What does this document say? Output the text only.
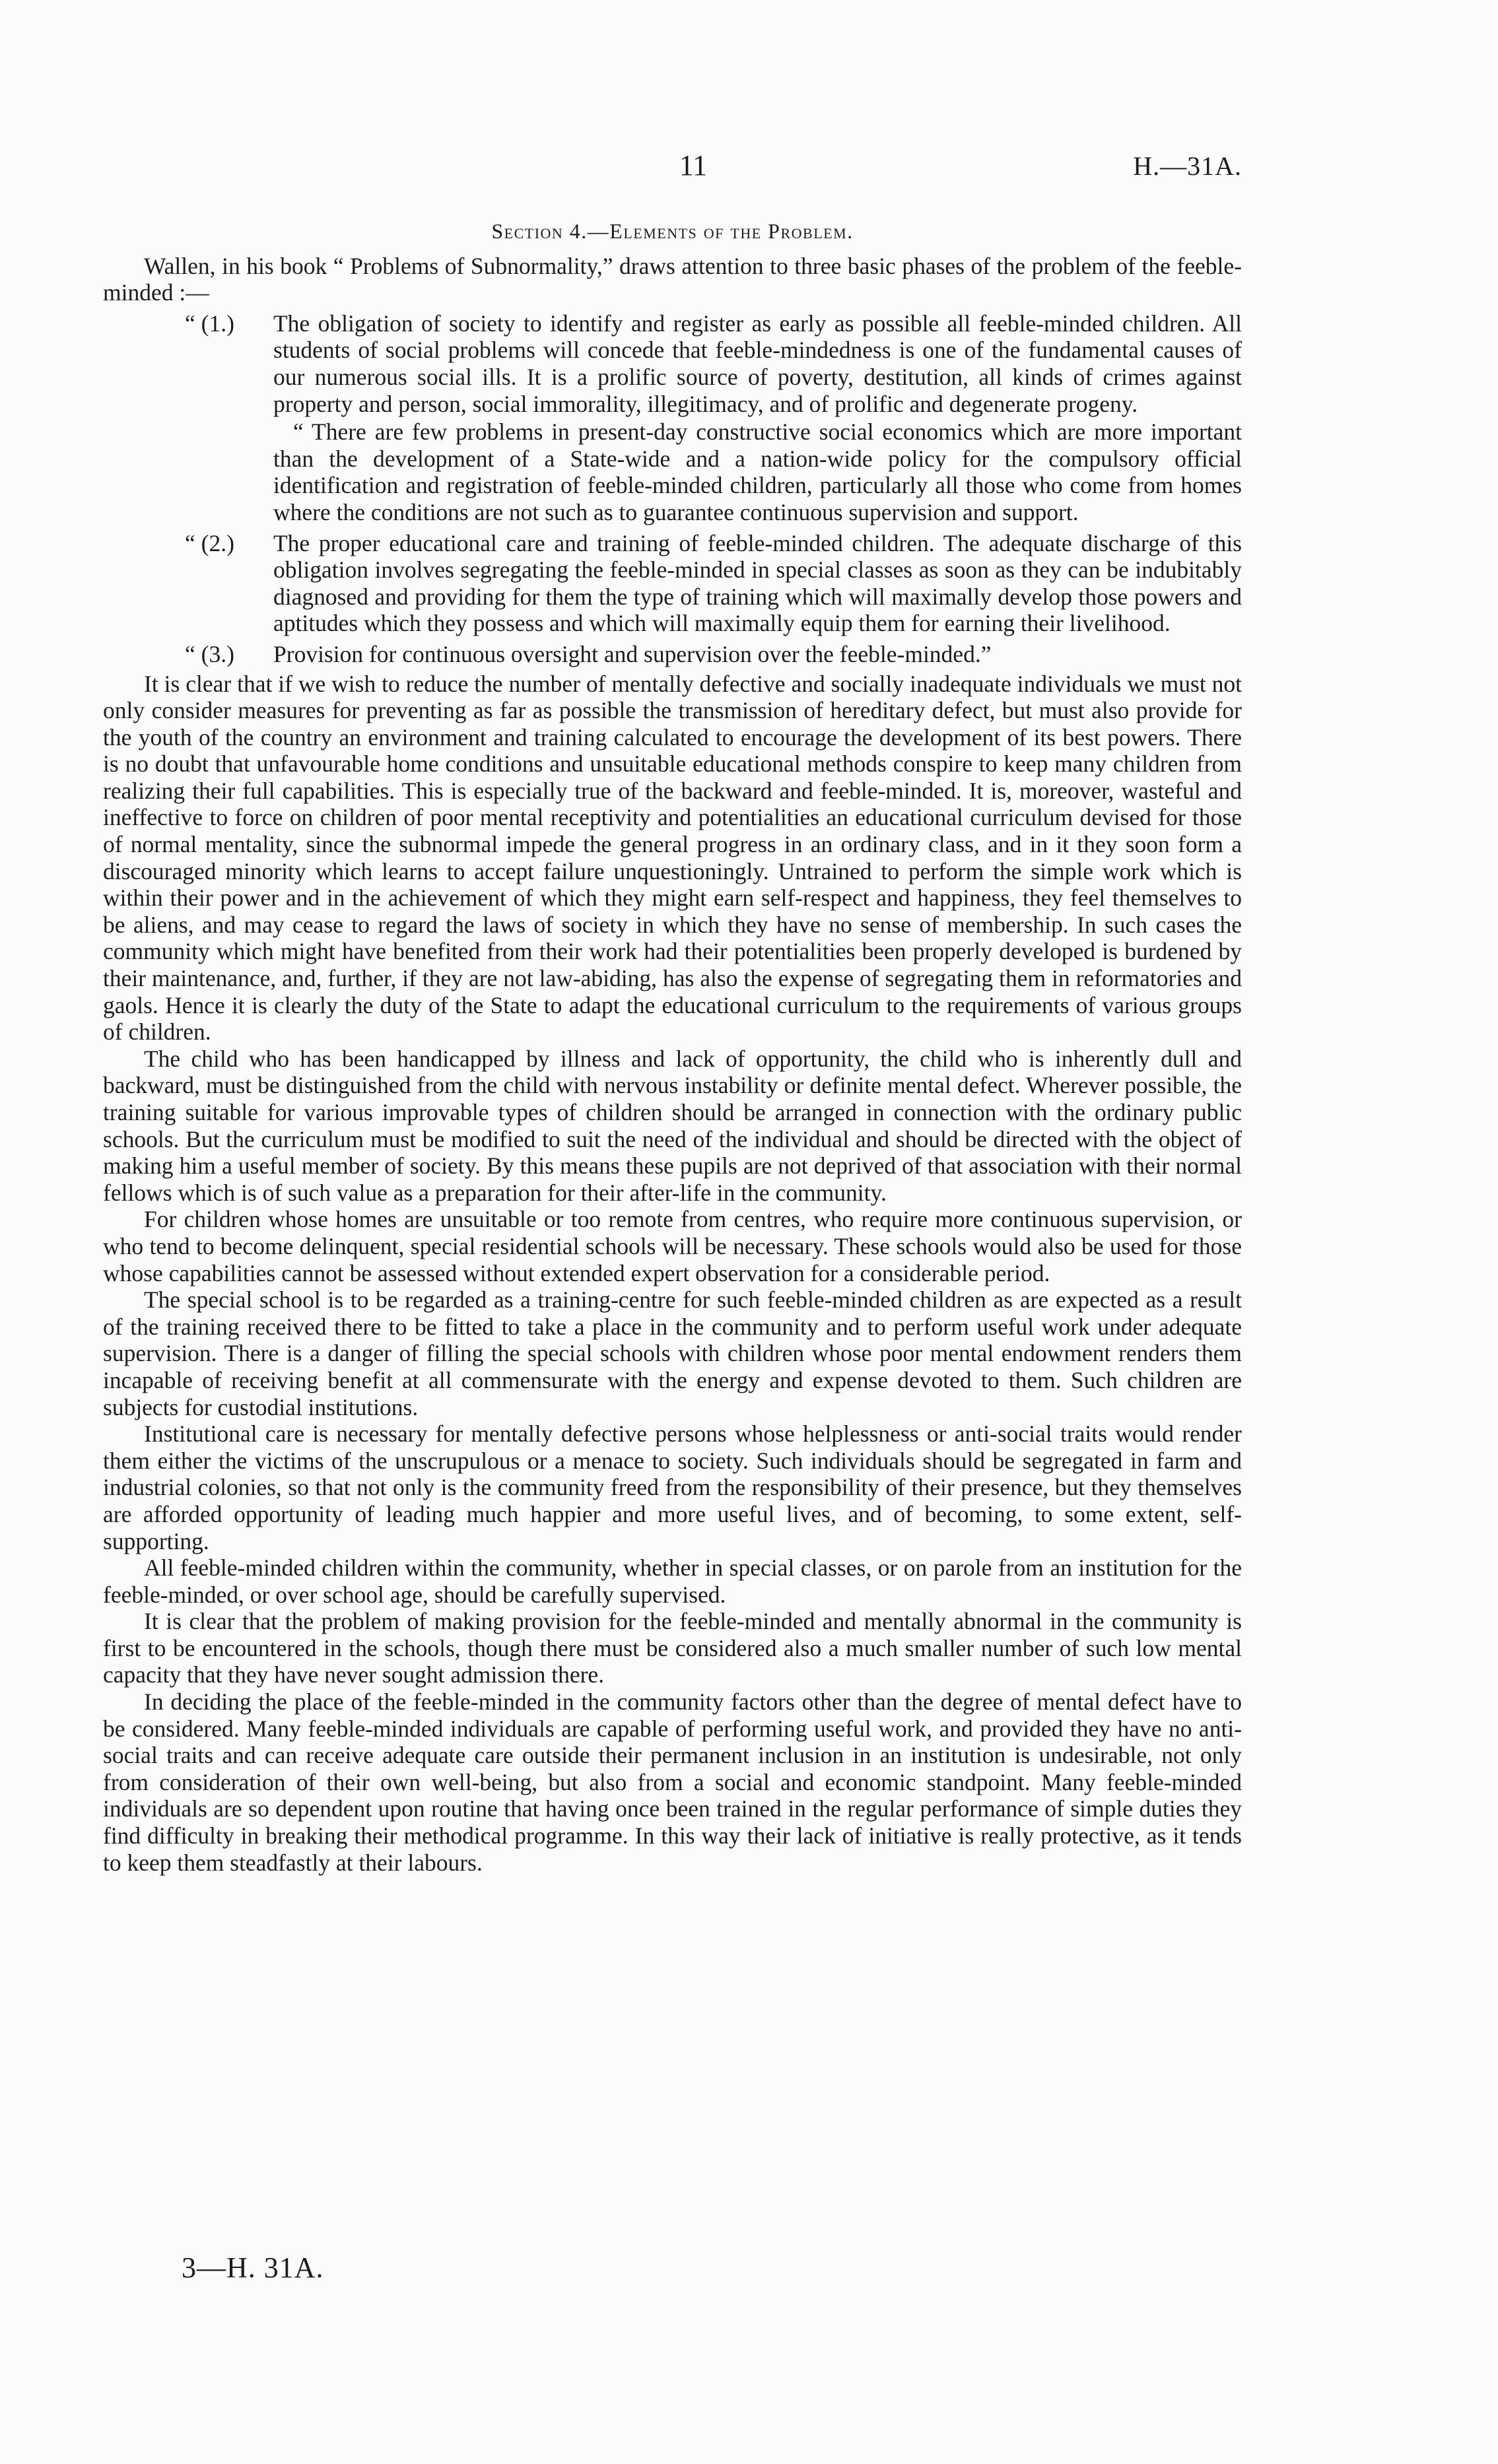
11	H.—31A.
Section 4.—Elements of the Problem.

Wallen, in his book “ Problems of Subnormality,” draws attention to three basic phases of the problem of the feeble-minded :—

“ (1.) The obligation of society to identify and register as early as possible all feeble-minded children. All students of social problems will concede that feeble-mindedness is one of the fundamental causes of our numerous social ills. It is a prolific source of poverty, destitution, all kinds of crimes against property and person, social immorality, illegitimacy, and of prolific and degenerate progeny.

“ There are few problems in present-day constructive social economics which are more important than the development of a State-wide and a nation-wide policy for the compulsory official identification and registration of feeble-minded children, particularly all those who come from homes where the conditions are not such as to guarantee continuous supervision and support.

“ (2.) The proper educational care and training of feeble-minded children. The adequate discharge of this obligation involves segregating the feeble-minded in special classes as soon as they can be indubitably diagnosed and providing for them the type of training which will maximally develop those powers and aptitudes which they possess and which will maximally equip them for earning their livelihood.
“ (3.) Provision for continuous oversight and supervision over the feeble-minded.”

It is clear that if we wish to reduce the number of mentally defective and socially inadequate individuals we must not only consider measures for preventing as far as possible the transmission of hereditary defect, but must also provide for the youth of the country an environment and training calculated to encourage the development of its best powers. There is no doubt that unfavourable home conditions and unsuitable educational methods conspire to keep many children from realizing their full capabilities. This is especially true of the backward and feeble-minded. It is, moreover, wasteful and ineffective to force on children of poor mental receptivity and potentialities an educational curriculum devised for those of normal mentality, since the subnormal impede the general progress in an ordinary class, and in it they soon form a discouraged minority which learns to accept failure unquestioningly. Untrained to perform the simple work which is within their power and in the achievement of which they might earn self-respect and happiness, they feel themselves to be aliens, and may cease to regard the laws of society in which they have no sense of membership. In such cases the community which might have benefited from their work had their potentialities been properly developed is burdened by their maintenance, and, further, if they are not law-abiding, has also the expense of segregating them in reformatories and gaols. Hence it is clearly the duty of the State to adapt the educational curriculum to the requirements of various groups of children.

The child who has been handicapped by illness and lack of opportunity, the child who is inherently dull and backward, must be distinguished from the child with nervous instability or definite mental defect. Wherever possible, the training suitable for various improvable types of children should be arranged in connection with the ordinary public schools. But the curriculum must be modified to suit the need of the individual and should be directed with the object of making him a useful member of society. By this means these pupils are not deprived of that association with their normal fellows which is of such value as a preparation for their after-life in the community.

For children whose homes are unsuitable or too remote from centres, who require more continuous supervision, or who tend to become delinquent, special residential schools will be necessary. These schools would also be used for those whose capabilities cannot be assessed without extended expert observation for a considerable period.

The special school is to be regarded as a training-centre for such feeble-minded children as are expected as a result of the training received there to be fitted to take a place in the community and to perform useful work under adequate supervision. There is a danger of filling the special schools with children whose poor mental endowment renders them incapable of receiving benefit at all commensurate with the energy and expense devoted to them. Such children are subjects for custodial institutions.

Institutional care is necessary for mentally defective persons whose helplessness or anti-social traits would render them either the victims of the unscrupulous or a menace to society. Such individuals should be segregated in farm and industrial colonies, so that not only is the community freed from the responsibility of their presence, but they themselves are afforded opportunity of leading much happier and more useful lives, and of becoming, to some extent, self-supporting.

All feeble-minded children within the community, whether in special classes, or on parole from an institution for the feeble-minded, or over school age, should be carefully supervised.

It is clear that the problem of making provision for the feeble-minded and mentally abnormal in the community is first to be encountered in the schools, though there must be considered also a much smaller number of such low mental capacity that they have never sought admission there.

In deciding the place of the feeble-minded in the community factors other than the degree of mental defect have to be considered. Many feeble-minded individuals are capable of performing useful work, and provided they have no anti-social traits and can receive adequate care outside their permanent inclusion in an institution is undesirable, not only from consideration of their own well-being, but also from a social and economic standpoint. Many feeble-minded individuals are so dependent upon routine that having once been trained in the regular performance of simple duties they find difficulty in breaking their methodical programme. In this way their lack of initiative is really protective, as it tends to keep them steadfastly at their labours.

3—H. 31A.
